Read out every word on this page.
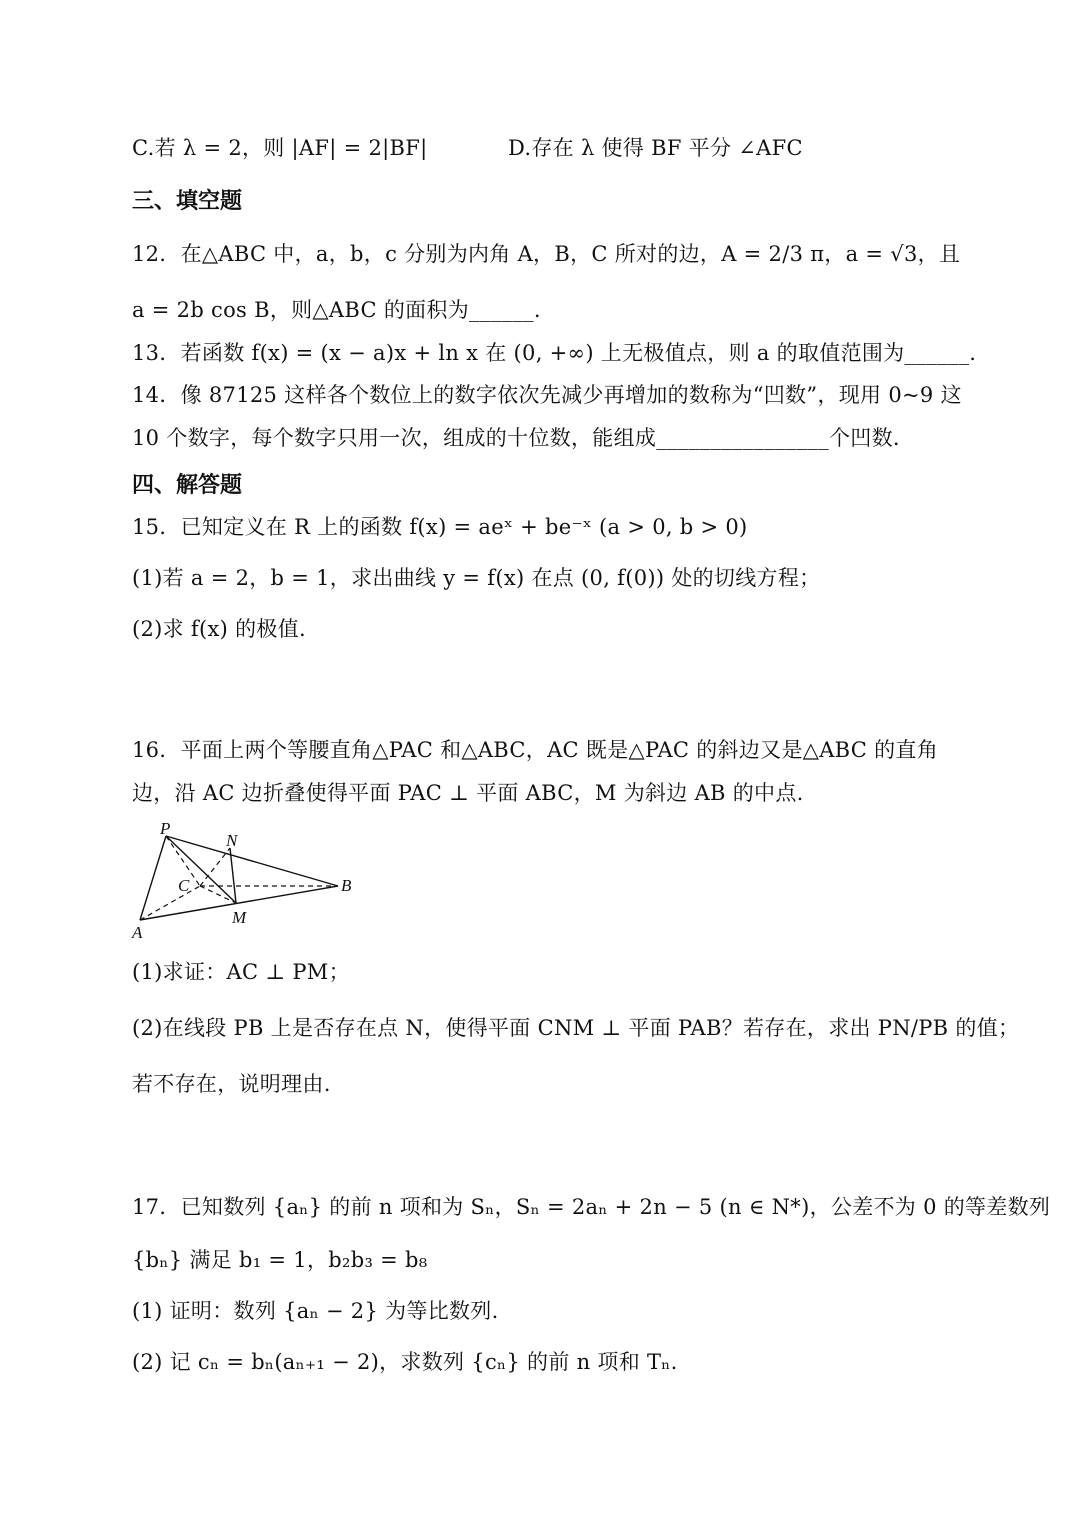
C.若 λ = 2，则 |AF| = 2|BF|	D.存在 λ 使得 BF 平分 ∠AFC
三、填空题
12．在△ABC 中，a，b，c 分别为内角 A，B，C 所对的边，A = 2/3 π，a = √3，且
a = 2b cos B，则△ABC 的面积为______.
13．若函数 f(x) = (x − a)x + ln x 在 (0, +∞) 上无极值点，则 a 的取值范围为______.
14．像 87125 这样各个数位上的数字依次先减少再增加的数称为“凹数”，现用 0~9 这
10 个数字，每个数字只用一次，组成的十位数，能组成________________个凹数.
四、解答题
15．已知定义在 R 上的函数 f(x) = aeˣ + be⁻ˣ (a > 0, b > 0)
(1)若 a = 2，b = 1，求出曲线 y = f(x) 在点 (0, f(0)) 处的切线方程；
(2)求 f(x) 的极值.
16．平面上两个等腰直角△PAC 和△ABC，AC 既是△PAC 的斜边又是△ABC 的直角
边，沿 AC 边折叠使得平面 PAC ⊥ 平面 ABC，M 为斜边 AB 的中点.
P
N
C	B
M
A
(1)求证：AC ⊥ PM；
(2)在线段 PB 上是否存在点 N，使得平面 CNM ⊥ 平面 PAB？若存在，求出 PN/PB 的值；
若不存在，说明理由.
17．已知数列 {aₙ} 的前 n 项和为 Sₙ，Sₙ = 2aₙ + 2n − 5 (n ∈ N*)，公差不为 0 的等差数列
{bₙ} 满足 b₁ = 1，b₂b₃ = b₈
(1) 证明：数列 {aₙ − 2} 为等比数列.
(2) 记 cₙ = bₙ(aₙ₊₁ − 2)，求数列 {cₙ} 的前 n 项和 Tₙ.
